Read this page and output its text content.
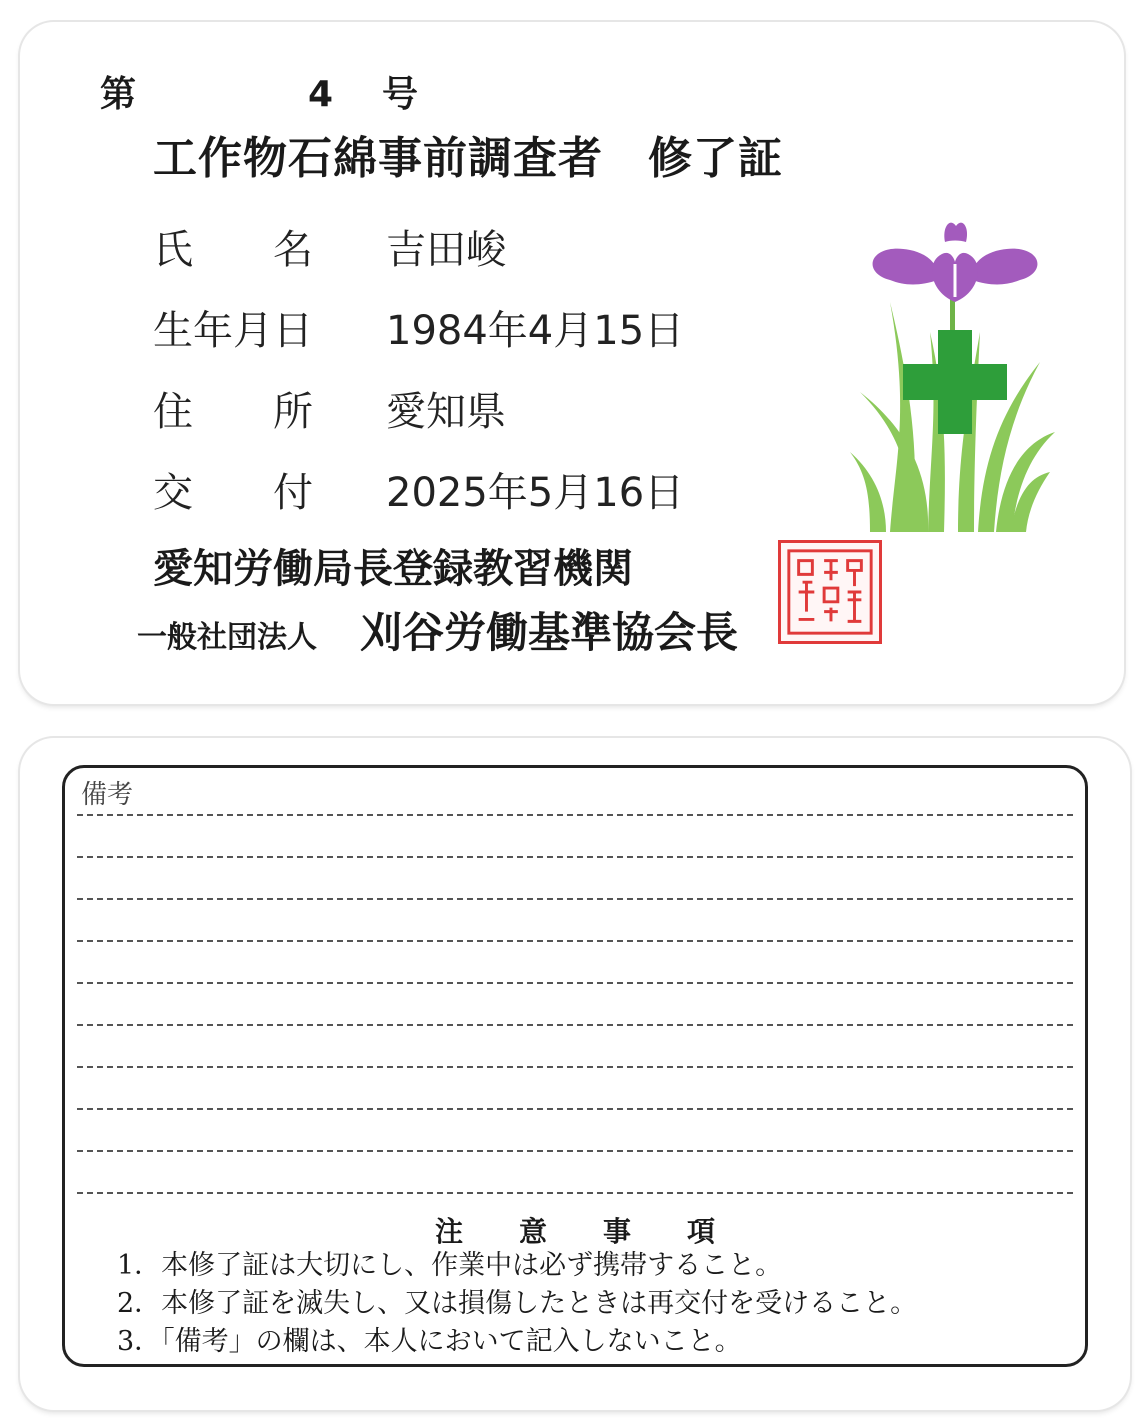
第	4 号
工作物石綿事前調査者　修了証
氏　　名 吉田峻
生年月日 1984年4月15日
住　　所 愛知県
交　　付 2025年5月16日
愛知労働局長登録教習機関
一般社団法人 刈谷労働基準協会長
備考
注意事項
1．本修了証は大切にし、作業中は必ず携帯すること。
2．本修了証を滅失し、又は損傷したときは再交付を受けること。
3．「備考」の欄は、本人において記入しないこと。
